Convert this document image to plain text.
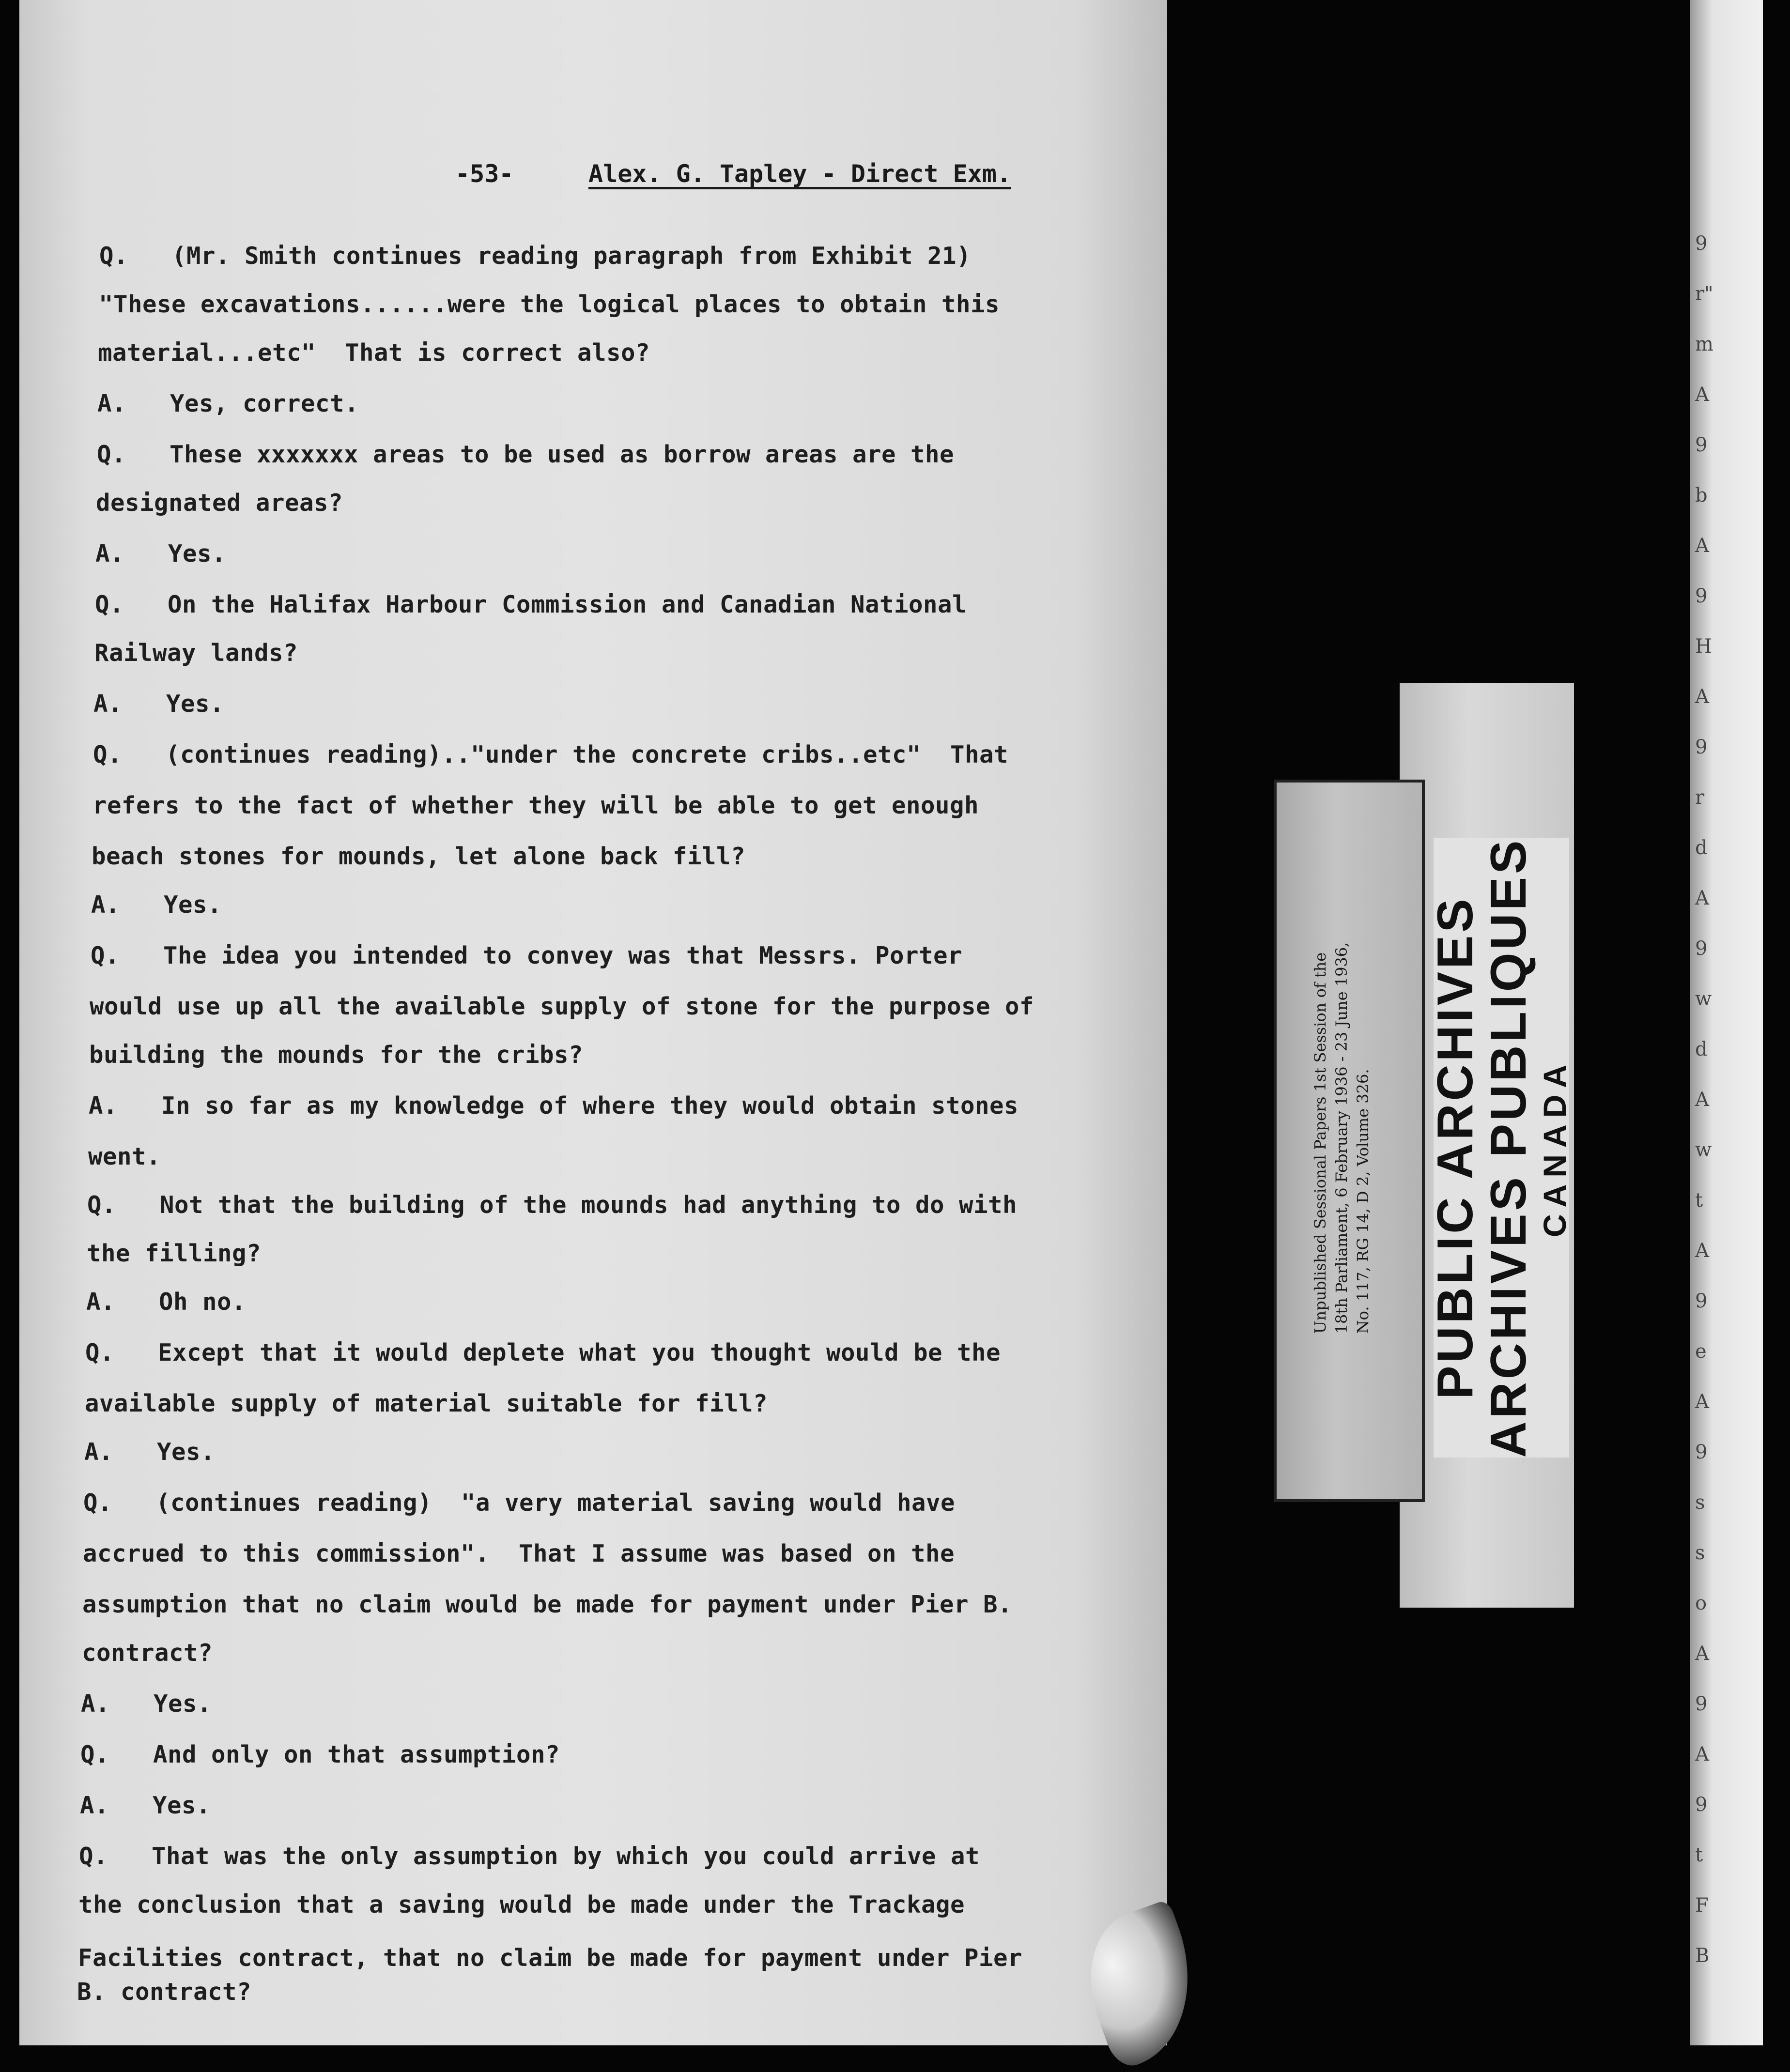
-53-	Alex. G. Tapley - Direct Exm.
Q.   (Mr. Smith continues reading paragraph from Exhibit 21)
"These excavations......were the logical places to obtain this
material...etc"  That is correct also?
A.   Yes, correct.
Q.   These xxxxxxx areas to be used as borrow areas are the
designated areas?
A.   Yes.
Q.   On the Halifax Harbour Commission and Canadian National
Railway lands?
A.   Yes.
Q.   (continues reading).."under the concrete cribs..etc"  That
refers to the fact of whether they will be able to get enough
beach stones for mounds, let alone back fill?
A.   Yes.
Q.   The idea you intended to convey was that Messrs. Porter
would use up all the available supply of stone for the purpose of
building the mounds for the cribs?
A.   In so far as my knowledge of where they would obtain stones
went.
Q.   Not that the building of the mounds had anything to do with
the filling?
A.   Oh no.
Q.   Except that it would deplete what you thought would be the
available supply of material suitable for fill?
A.   Yes.
Q.   (continues reading)  "a very material saving would have
accrued to this commission".  That I assume was based on the
assumption that no claim would be made for payment under Pier B.
contract?
A.   Yes.
Q.   And only on that assumption?
A.   Yes.
Q.   That was the only assumption by which you could arrive at
the conclusion that a saving would be made under the Trackage
Facilities contract, that no claim be made for payment under Pier
B. contract?
9
r"
m
A
9
b
A
9
H
A
9
r
d
A
9
w
d
A
w
t
A
9
e
A
9
s
s
o
A
9
A
9
t
F
B
PUBLIC ARCHIVES
ARCHIVES PUBLIQUES CANADA
Unpublished Sessional Papers 1st Session of the 18th Parliament, 6 February 1936 - 23 June 1936, No. 117, RG 14, D 2, Volume 326.
